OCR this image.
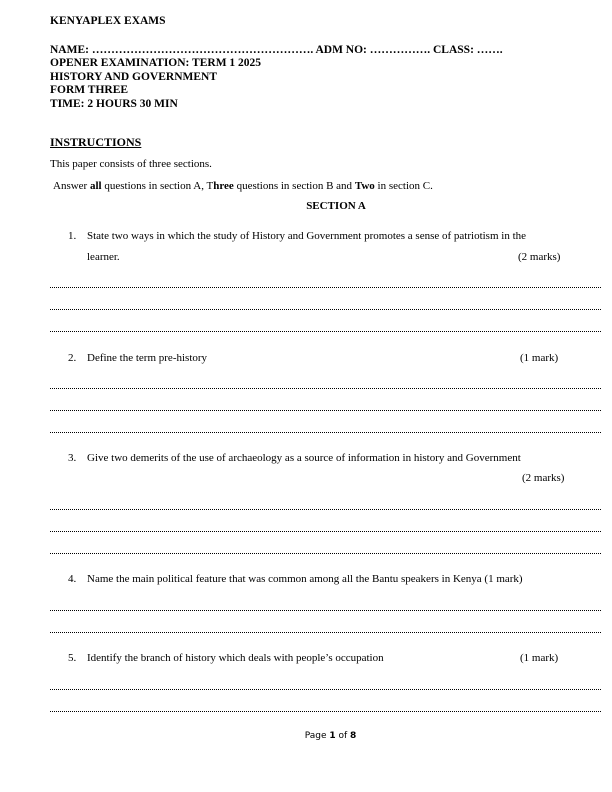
KENYAPLEX EXAMS
NAME: …………………………………………………. ADM NO: ……………. CLASS: …….
OPENER EXAMINATION: TERM 1 2025
HISTORY AND GOVERNMENT
FORM THREE
TIME: 2 HOURS 30 MIN
INSTRUCTIONS
This paper consists of three sections.
Answer all questions in section A, Three questions in section B and Two in section C.
SECTION A
1. State two ways in which the study of History and Government promotes a sense of patriotism in the
learner.	(2 marks)
2. Define the term pre-history	(1 mark)
3. Give two demerits of the use of archaeology as a source of information in history and Government
(2 marks)
4. Name the main political feature that was common among all the Bantu speakers in Kenya (1 mark)
5. Identify the branch of history which deals with people’s occupation	(1 mark)
Page 1 of 8
